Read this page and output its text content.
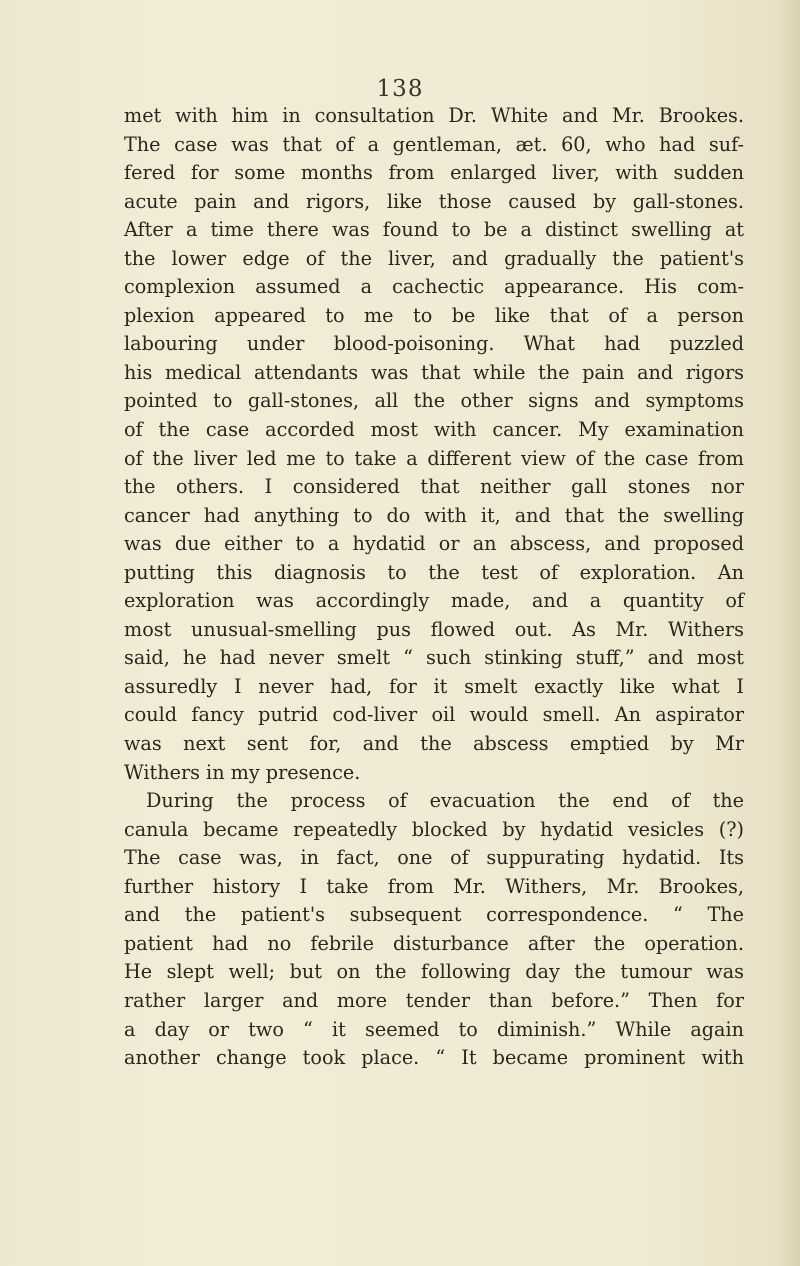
138
met with him in consultation Dr. White and Mr. Brookes.
The case was that of a gentleman, æt. 60, who had suf-
fered for some months from enlarged liver, with sudden
acute pain and rigors, like those caused by gall-stones.
After a time there was found to be a distinct swelling at
the lower edge of the liver, and gradually the patient's
complexion assumed a cachectic appearance. His com-
plexion appeared to me to be like that of a person
labouring under blood-poisoning. What had puzzled
his medical attendants was that while the pain and rigors
pointed to gall-stones, all the other signs and symptoms
of the case accorded most with cancer. My examination
of the liver led me to take a different view of the case from
the others. I considered that neither gall stones nor
cancer had anything to do with it, and that the swelling
was due either to a hydatid or an abscess, and proposed
putting this diagnosis to the test of exploration. An
exploration was accordingly made, and a quantity of
most unusual-smelling pus flowed out. As Mr. Withers
said, he had never smelt “ such stinking stuff,” and most
assuredly I never had, for it smelt exactly like what I
could fancy putrid cod-liver oil would smell. An aspirator
was next sent for, and the abscess emptied by Mr
Withers in my presence.
During the process of evacuation the end of the
canula became repeatedly blocked by hydatid vesicles (?)
The case was, in fact, one of suppurating hydatid. Its
further history I take from Mr. Withers, Mr. Brookes,
and the patient's subsequent correspondence. “ The
patient had no febrile disturbance after the operation.
He slept well; but on the following day the tumour was
rather larger and more tender than before.” Then for
a day or two “ it seemed to diminish.” While again
another change took place. “ It became prominent with
